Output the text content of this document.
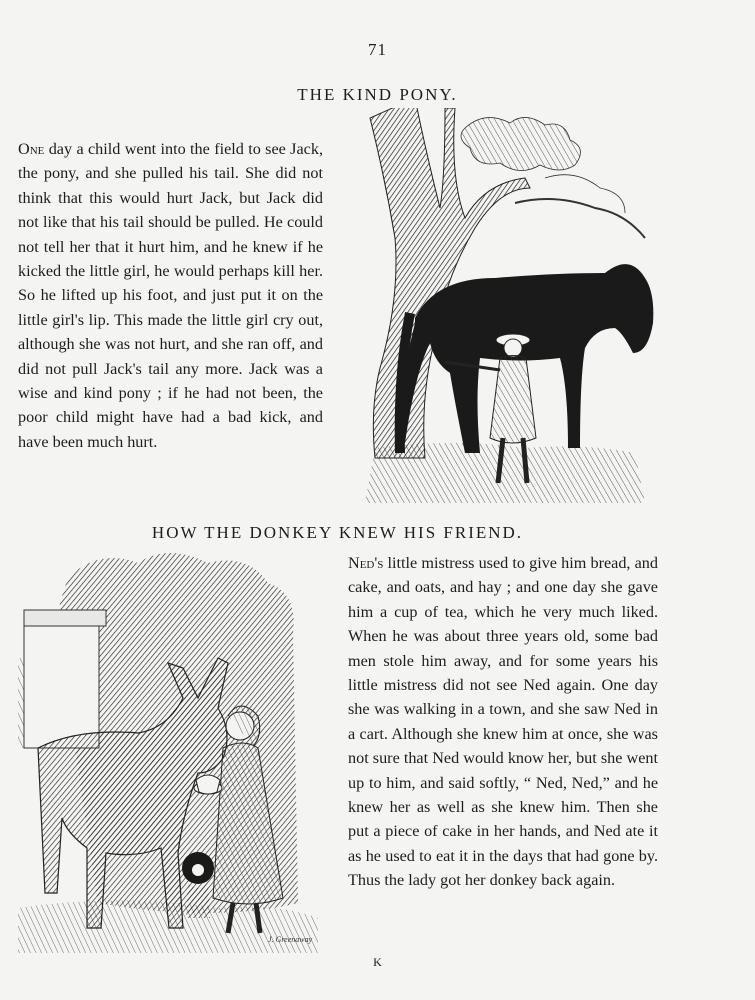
71
THE KIND PONY.

One day a child went into the field to see Jack, the pony, and she pulled his tail. She did not think that this would hurt Jack, but Jack did not like that his tail should be pulled. He could not tell her that it hurt him, and he knew if he kicked the little girl, he would perhaps kill her. So he lifted up his foot, and just put it on the little girl's lip. This made the little girl cry out, although she was not hurt, and she ran off, and did not pull Jack's tail any more. Jack was a wise and kind pony ; if he had not been, the poor child might have had a bad kick, and have been much hurt.

HOW THE DONKEY KNEW HIS FRIEND.
J. Greenaway

Ned's little mistress used to give him bread, and cake, and oats, and hay ; and one day she gave him a cup of tea, which he very much liked. When he was about three years old, some bad men stole him away, and for some years his little mistress did not see Ned again. One day she was walking in a town, and she saw Ned in a cart. Although she knew him at once, she was not sure that Ned would know her, but she went up to him, and said softly, “ Ned, Ned,” and he knew her as well as she knew him. Then she put a piece of cake in her hands, and Ned ate it as he used to eat it in the days that had gone by. Thus the lady got her donkey back again.

K
